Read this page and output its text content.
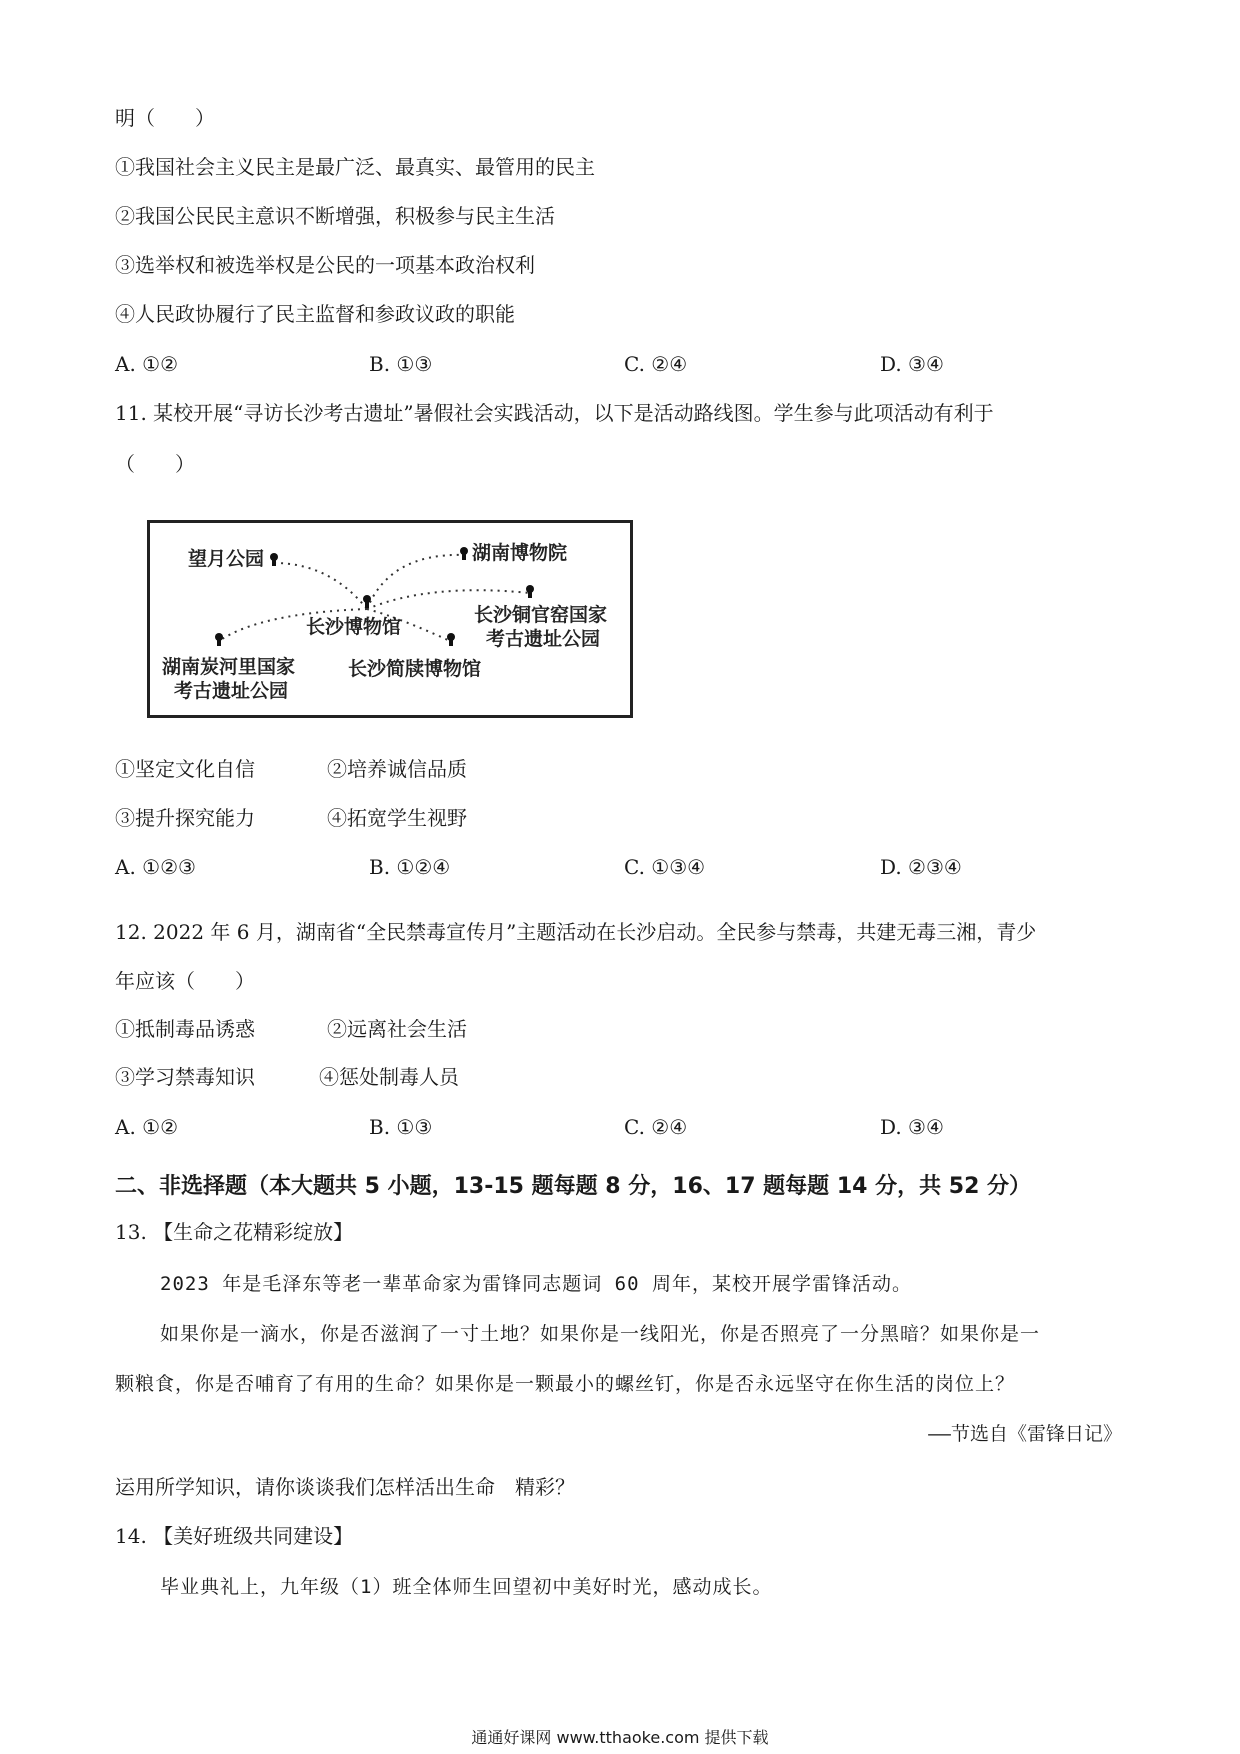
明（　　）
①我国社会主义民主是最广泛、最真实、最管用的民主
②我国公民民主意识不断增强，积极参与民主生活
③选举权和被选举权是公民的一项基本政治权利
④人民政协履行了民主监督和参政议政的职能
A. ①②	B. ①③	C. ②④	D. ③④
11. 某校开展“寻访长沙考古遗址”暑假社会实践活动，以下是活动路线图。学生参与此项活动有利于
（　　）
望月公园	湖南博物院
长沙博物馆
长沙铜官窑国家
考古遗址公园
湖南炭河里国家
考古遗址公园
长沙简牍博物馆
①坚定文化自信	②培养诚信品质
③提升探究能力	④拓宽学生视野
A. ①②③	B. ①②④	C. ①③④	D. ②③④
12. 2022 年 6 月，湖南省“全民禁毒宣传月”主题活动在长沙启动。全民参与禁毒，共建无毒三湘，青少
年应该（　　）
①抵制毒品诱惑	②远离社会生活
③学习禁毒知识	④惩处制毒人员
A. ①②	B. ①③	C. ②④	D. ③④
二、非选择题（本大题共 5 小题，13-15 题每题 8 分，16、17 题每题 14 分，共 52 分）
13. 【生命之花精彩绽放】
2023 年是毛泽东等老一辈革命家为雷锋同志题词 60 周年，某校开展学雷锋活动。
如果你是一滴水，你是否滋润了一寸土地？如果你是一线阳光，你是否照亮了一分黑暗？如果你是一
颗粮食，你是否哺育了有用的生命？如果你是一颗最小的螺丝钉，你是否永远坚守在你生活的岗位上？
——节选自《雷锋日记》
运用所学知识，请你谈谈我们怎样活出生命　精彩？
14. 【美好班级共同建设】
毕业典礼上，九年级（1）班全体师生回望初中美好时光，感动成长。
通通好课网 www.tthaoke.com 提供下载
